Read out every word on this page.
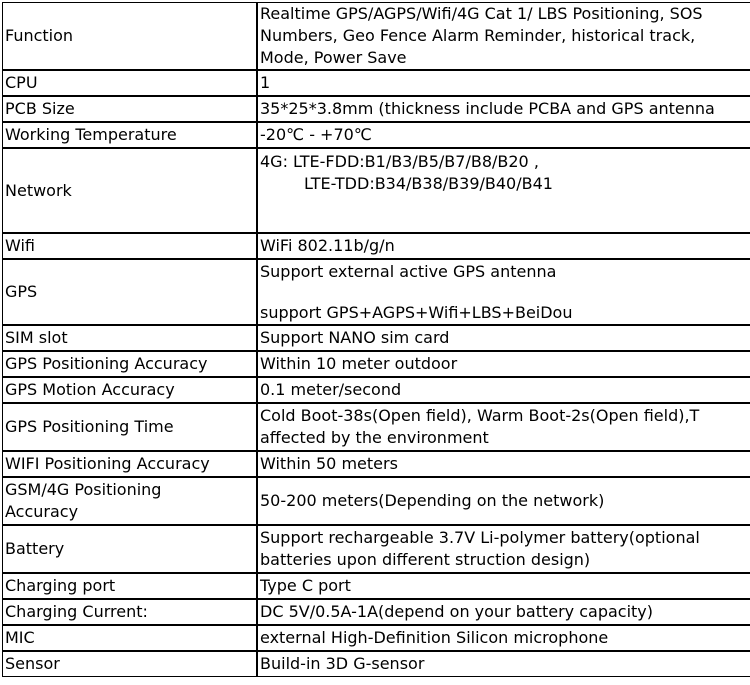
Function	Realtime GPS/AGPS/Wifi/4G Cat 1/ LBS Positioning, SOS
Numbers, Geo Fence Alarm Reminder, historical track,
Mode, Power Save

CPU	1
PCB Size	35*25*3.8mm (thickness include PCBA and GPS antenna
Working Temperature	-20℃ - +70℃
Network	4G: LTE-FDD:B1/B3/B5/B7/B8/B20 ,
LTE-TDD:B34/B38/B39/B40/B41

Wifi	WiFi 802.11b/g/n
GPS	Support external active GPS antenna
support GPS+AGPS+Wifi+LBS+BeiDou

SIM slot	Support NANO sim card
GPS Positioning Accuracy	Within 10 meter outdoor
GPS Motion Accuracy	0.1 meter/second
GPS Positioning Time	Cold Boot-38s(Open field), Warm Boot-2s(Open field),T
affected by the environment

WIFI Positioning Accuracy	Within 50 meters

GSM/4G Positioning
Accuracy	50-200 meters(Depending on the network)
Battery	Support rechargeable 3.7V Li-polymer battery(optional
batteries upon different struction design)

Charging port	Type C port
Charging Current:	DC 5V/0.5A-1A(depend on your battery capacity)
MIC	external High-Definition Silicon microphone
Sensor	Build-in 3D G-sensor
